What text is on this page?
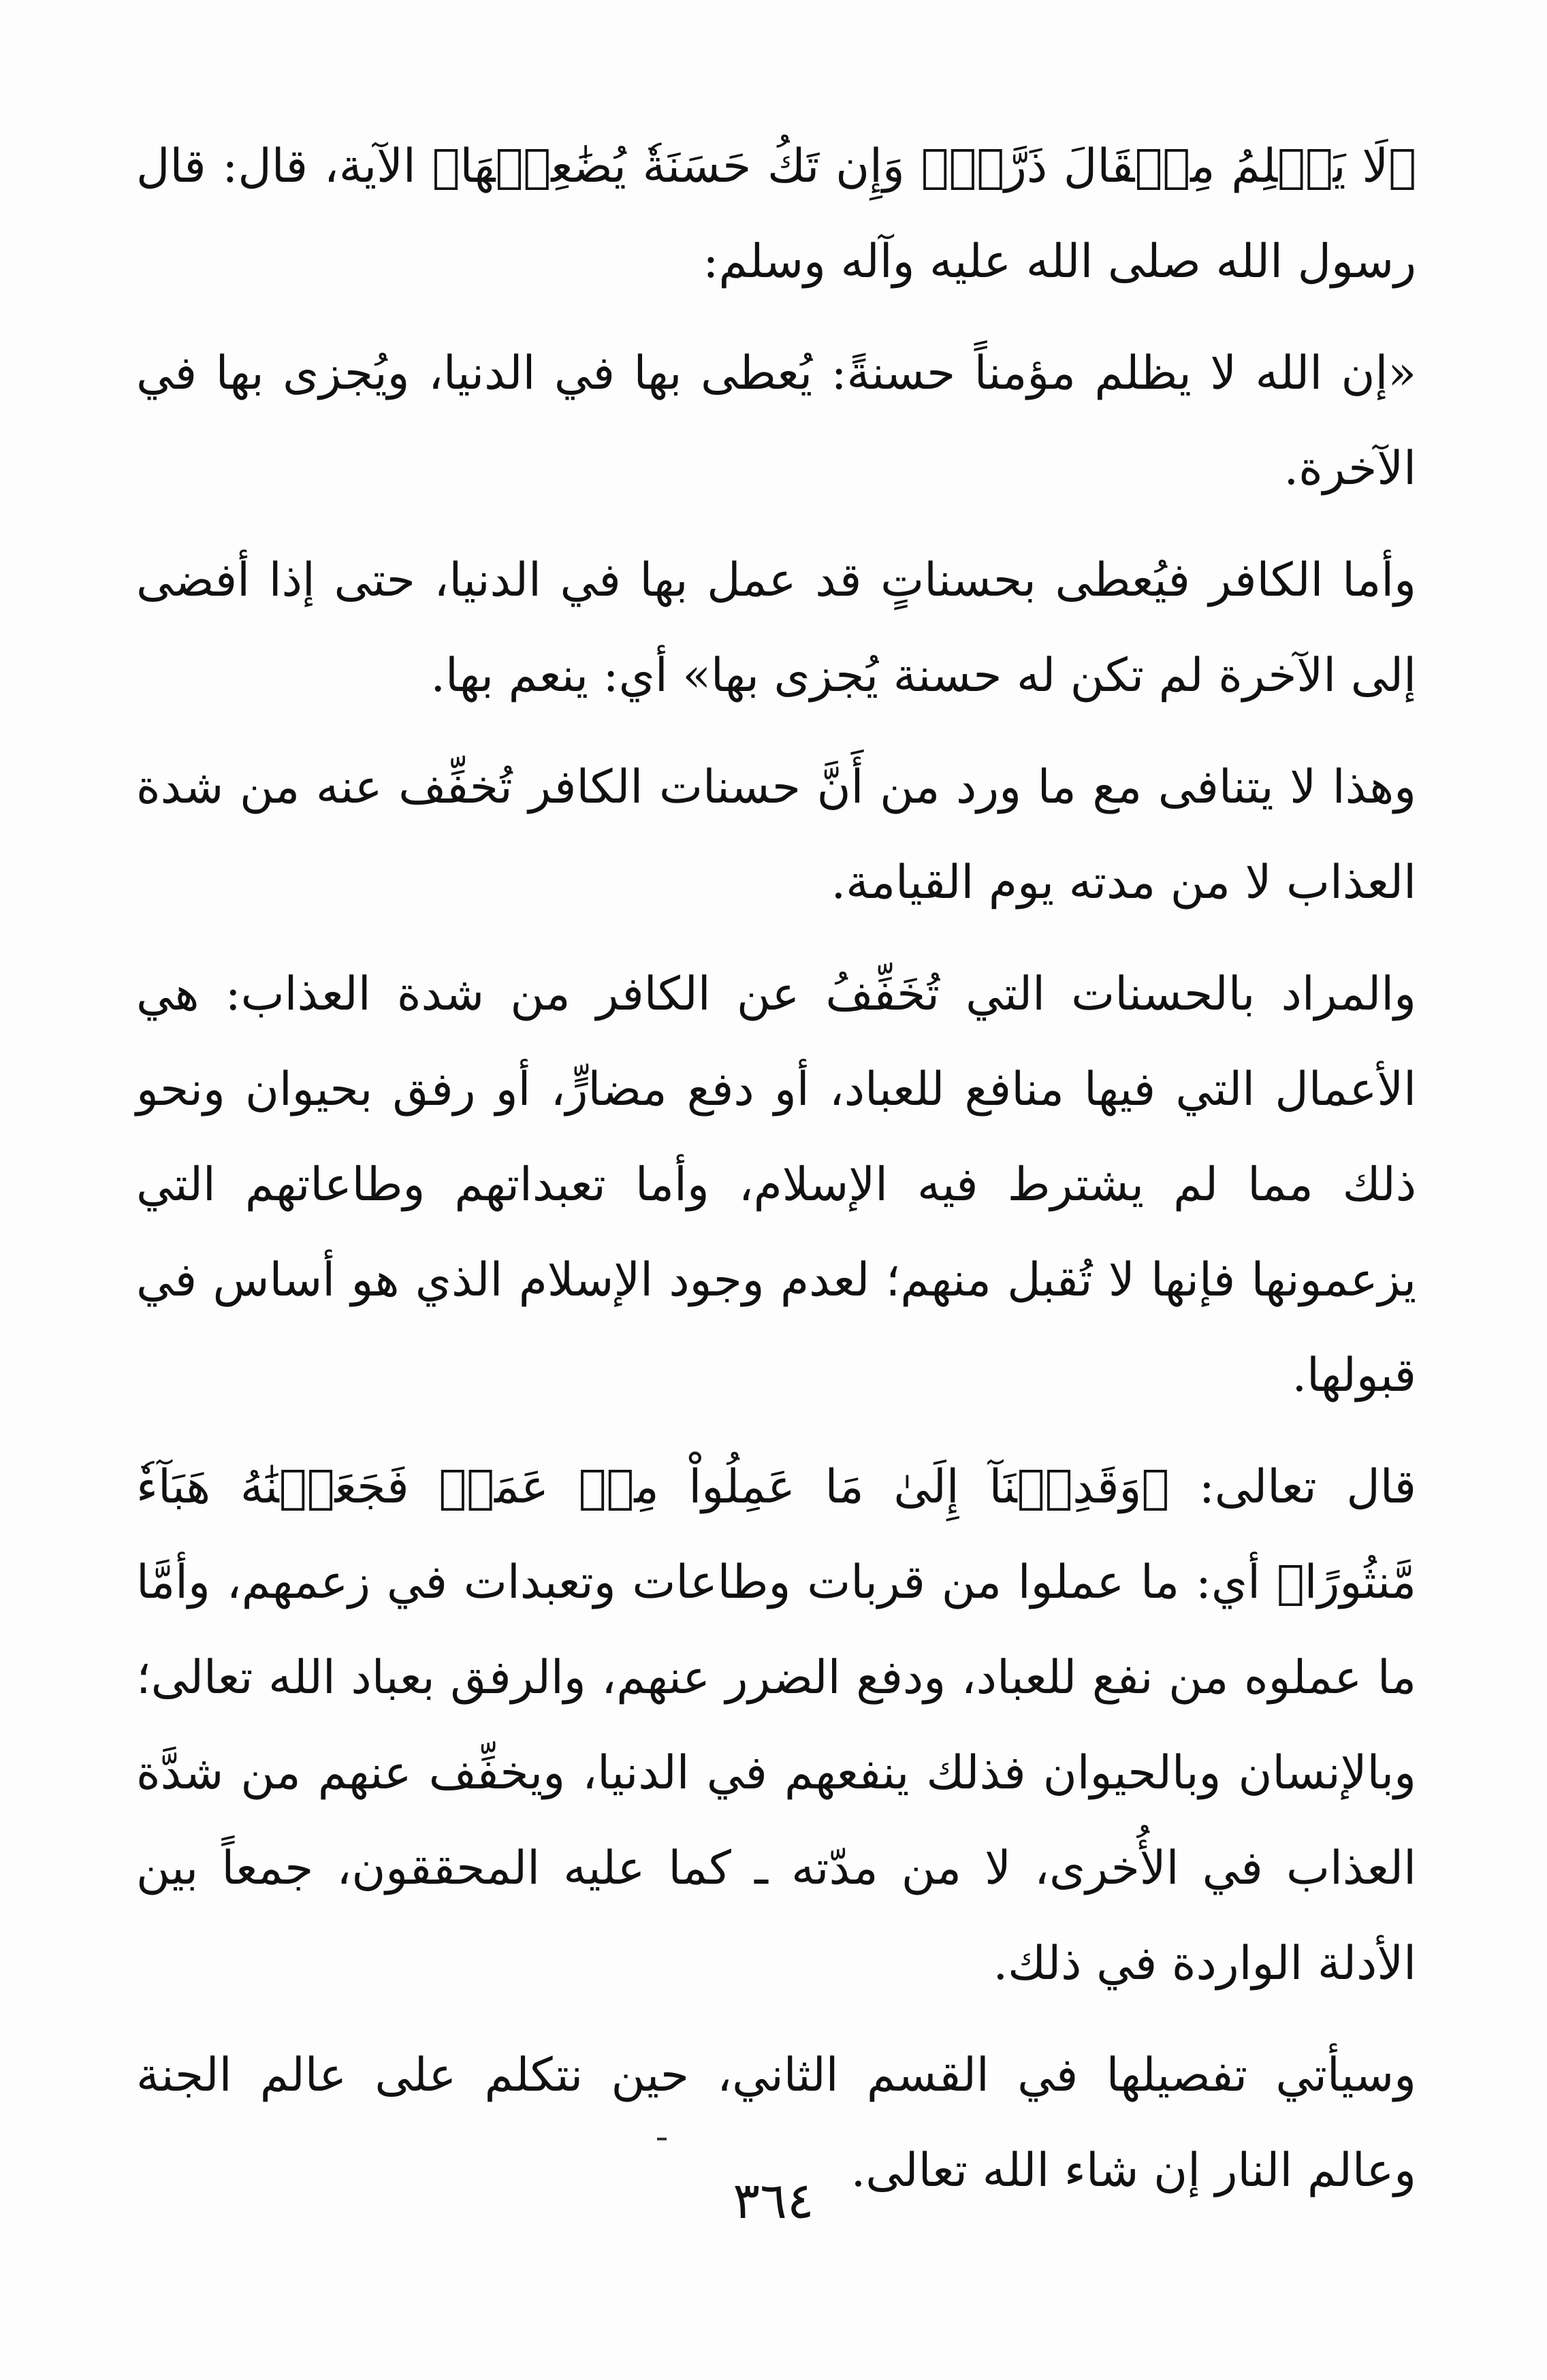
﴿لَا يَظۡلِمُ مِثۡقَالَ ذَرَّةٖۖ وَإِن تَكُ حَسَنَةٗ يُضَٰعِفۡهَا﴾ الآية، قال: قال رسول الله صلى الله عليه وآله وسلم:

«إن الله لا يظلم مؤمناً حسنةً: يُعطى بها في الدنيا، ويُجزى بها في الآخرة.

وأما الكافر فيُعطى بحسناتٍ قد عمل بها في الدنيا، حتى إذا أفضى إلى الآخرة لم تكن له حسنة يُجزى بها» أي: ينعم بها.

وهذا لا يتنافى مع ما ورد من أَنَّ حسنات الكافر تُخفِّف عنه من شدة العذاب لا من مدته يوم القيامة.

والمراد بالحسنات التي تُخَفِّفُ عن الكافر من شدة العذاب: هي الأعمال التي فيها منافع للعباد، أو دفع مضارٍّ، أو رفق بحيوان ونحو ذلك مما لم يشترط فيه الإسلام، وأما تعبداتهم وطاعاتهم التي يزعمونها فإنها لا تُقبل منهم؛ لعدم وجود الإسلام الذي هو أساس في قبولها.

قال تعالى: ﴿وَقَدِمۡنَآ إِلَىٰ مَا عَمِلُواْ مِنۡ عَمَلٖ فَجَعَلۡنَٰهُ هَبَآءٗ مَّنثُورًا﴾ أي: ما عملوا من قربات وطاعات وتعبدات في زعمهم، وأمَّا ما عملوه من نفع للعباد، ودفع الضرر عنهم، والرفق بعباد الله تعالى؛ وبالإنسان وبالحيوان فذلك ينفعهم في الدنيا، ويخفِّف عنهم من شدَّة العذاب في الأُخرى، لا من مدّته ـ كما عليه المحققون، جمعاً بين الأدلة الواردة في ذلك.

وسيأتي تفصيلها في القسم الثاني، حين نتكلم على عالم الجنة وعالم النار إن شاء الله تعالى.

٣٦٤
